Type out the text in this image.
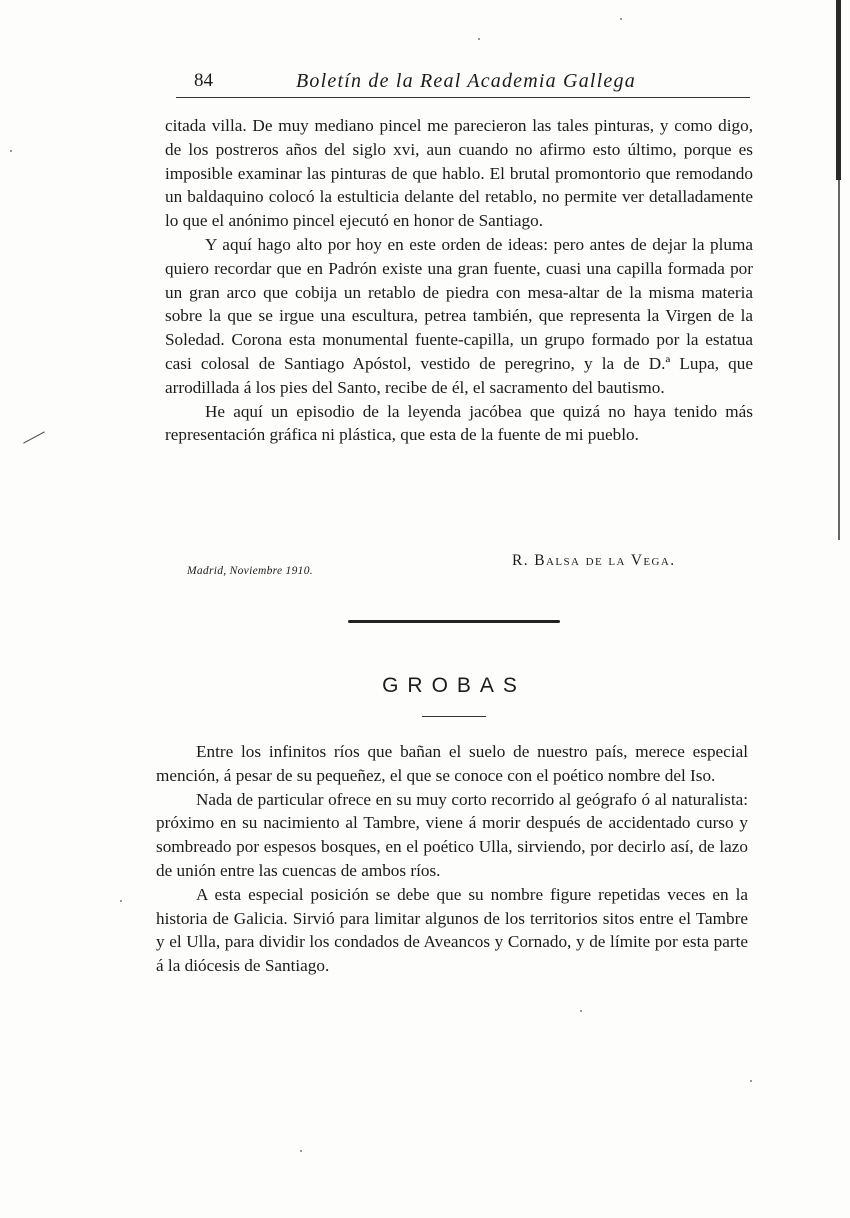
84	Boletín de la Real Academia Gallega

citada villa. De muy mediano pincel me parecieron las tales pinturas, y como digo, de los postreros años del siglo xvi, aun cuando no afirmo esto último, porque es imposible examinar las pinturas de que hablo. El brutal promontorio que remodando un baldaquino colocó la estulticia delante del retablo, no permite ver detalladamente lo que el anónimo pincel ejecutó en honor de Santiago.

Y aquí hago alto por hoy en este orden de ideas: pero antes de dejar la pluma quiero recordar que en Padrón existe una gran fuente, cuasi una capilla formada por un gran arco que cobija un retablo de piedra con mesa-altar de la misma materia sobre la que se irgue una escultura, petrea también, que representa la Virgen de la Soledad. Corona esta monumental fuente-capilla, un grupo formado por la estatua casi colosal de Santiago Apóstol, vestido de peregrino, y la de D.ª Lupa, que arrodillada á los pies del Santo, recibe de él, el sacramento del bautismo.

He aquí un episodio de la leyenda jacóbea que quizá no haya tenido más representación gráfica ni plástica, que esta de la fuente de mi pueblo.

Madrid, Noviembre 1910.
R. Balsa de la Vega.
GROBAS

Entre los infinitos ríos que bañan el suelo de nuestro país, merece especial mención, á pesar de su pequeñez, el que se conoce con el poético nombre del Iso.

Nada de particular ofrece en su muy corto recorrido al geógrafo ó al naturalista: próximo en su nacimiento al Tambre, viene á morir después de accidentado curso y sombreado por espesos bosques, en el poético Ulla, sirviendo, por decirlo así, de lazo de unión entre las cuencas de ambos ríos.

A esta especial posición se debe que su nombre figure repetidas veces en la historia de Galicia. Sirvió para limitar algunos de los territorios sitos entre el Tambre y el Ulla, para dividir los condados de Aveancos y Cornado, y de límite por esta parte á la diócesis de Santiago.
